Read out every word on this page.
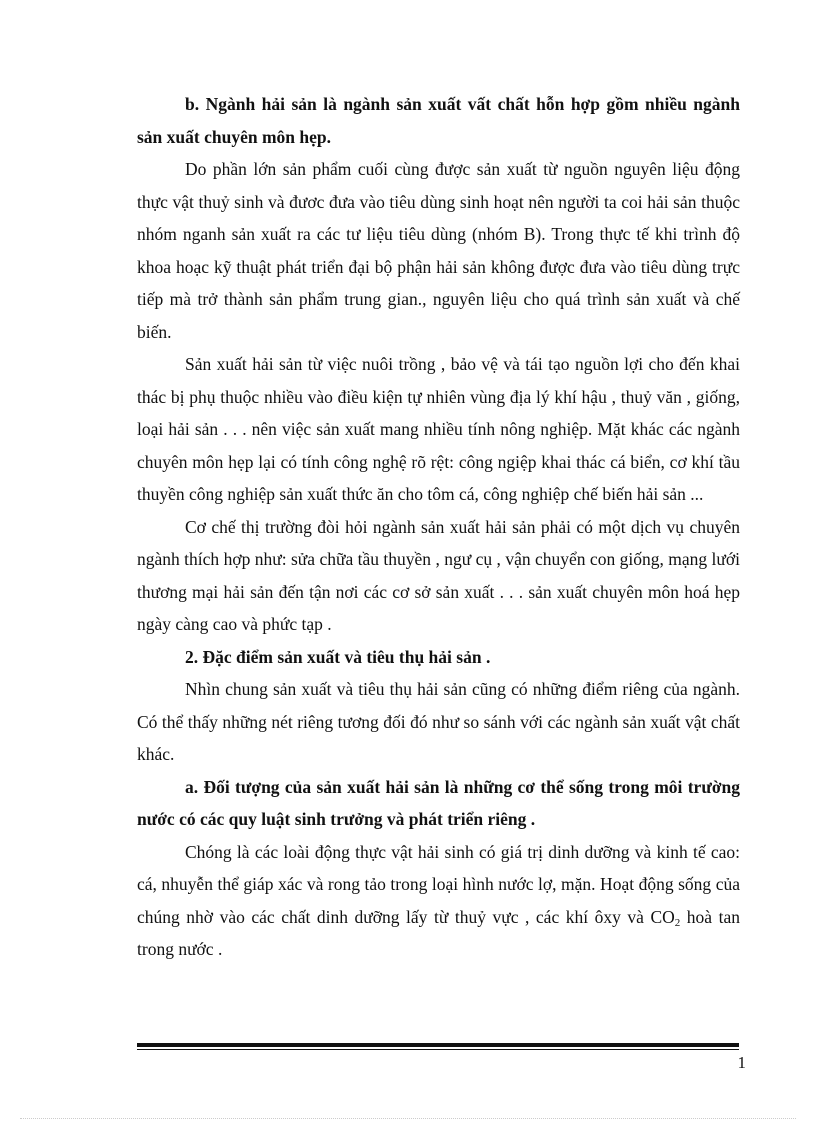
b. Ngành hải sản là ngành sản xuất vất chất hỗn hợp gồm nhiều ngành sản xuất chuyên môn hẹp.

Do phần lớn sản phẩm cuối cùng được sản xuất từ nguồn nguyên liệu động thực vật thuỷ sinh và đươc đưa vào tiêu dùng sinh hoạt nên người ta coi hải sản thuộc nhóm nganh sản xuất ra các tư liệu tiêu dùng (nhóm B). Trong thực tế khi trình độ khoa hoạc kỹ thuật phát triển đại bộ phận hải sản không được đưa vào tiêu dùng trực tiếp mà trở thành sản phẩm trung gian., nguyên liệu cho quá trình sản xuất và chế biến.

Sản xuất hải sản từ việc nuôi trồng , bảo vệ và tái tạo nguồn lợi cho đến khai thác bị phụ thuộc nhiều vào điều kiện tự nhiên vùng địa lý khí hậu , thuỷ văn , giống, loại hải sản . . . nên việc sản xuất mang nhiều tính nông nghiệp. Mặt khác các ngành chuyên môn hẹp lại có tính công nghệ rõ rệt: công ngiệp khai thác cá biển, cơ khí tầu thuyền công nghiệp sản xuất thức ăn cho tôm cá, công nghiệp chế biến hải sản ...

Cơ chế thị trường đòi hỏi ngành sản xuất hải sản phải có một dịch vụ chuyên ngành thích hợp như: sửa chữa tầu thuyền , ngư cụ , vận chuyển con giống, mạng lưới thương mại hải sản đến tận nơi các cơ sở sản xuất . . . sản xuất chuyên môn hoá hẹp ngày càng cao và phức tạp .

2. Đặc điểm sản xuất và tiêu thụ hải sản .

Nhìn chung sản xuất và tiêu thụ hải sản cũng có những điểm riêng của ngành. Có thể thấy những nét riêng tương đối đó như so sánh với các ngành sản xuất vật chất khác.

a. Đối tượng của sản xuất hải sản là những cơ thể sống trong môi trường nước có các quy luật sinh trưởng và phát triển riêng .

Chóng là các loài động thực vật hải sinh có giá trị dinh dưỡng và kinh tế cao: cá, nhuyễn thể giáp xác và rong tảo trong loại hình nước lợ, mặn. Hoạt động sống của chúng nhờ vào các chất dinh dưỡng lấy từ thuỷ vực , các khí ôxy và $CO_2$ hoà tan trong nước .

1
